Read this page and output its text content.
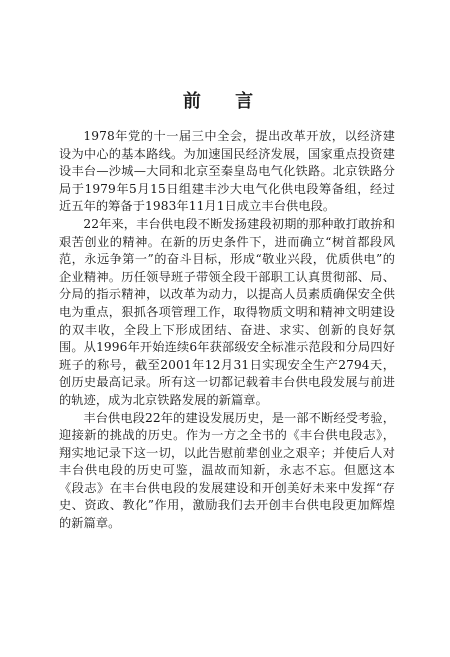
前 言

1978年党的十一届三中全会，提出改革开放，以经济建设为中心的基本路线。为加速国民经济发展，国家重点投资建设丰台—沙城—大同和北京至秦皇岛电气化铁路。北京铁路分局于1979年5月15日组建丰沙大电气化供电段筹备组，经过近五年的筹备于1983年11月1日成立丰台供电段。

22年来，丰台供电段不断发扬建段初期的那种敢打敢拚和艰苦创业的精神。在新的历史条件下，进而确立“树首都段风范，永远争第一”的奋斗目标，形成“敬业兴段，优质供电”的企业精神。历任领导班子带领全段干部职工认真贯彻部、局、分局的指示精神，以改革为动力，以提高人员素质确保安全供电为重点，狠抓各项管理工作，取得物质文明和精神文明建设的双丰收，全段上下形成团结、奋进、求实、创新的良好氛围。从1996年开始连续6年获部级安全标准示范段和分局四好班子的称号，截至2001年12月31日实现安全生产2794天，创历史最高记录。所有这一切都记载着丰台供电段发展与前进的轨迹，成为北京铁路发展的新篇章。

丰台供电段22年的建设发展历史，是一部不断经受考验，迎接新的挑战的历史。作为一方之全书的《丰台供电段志》，翔实地记录下这一切，以此告慰前辈创业之艰辛；并使后人对丰台供电段的历史可鉴，温故而知新，永志不忘。但愿这本《段志》在丰台供电段的发展建设和开创美好未来中发挥“存史、资政、教化”作用，激励我们去开创丰台供电段更加辉煌的新篇章。
